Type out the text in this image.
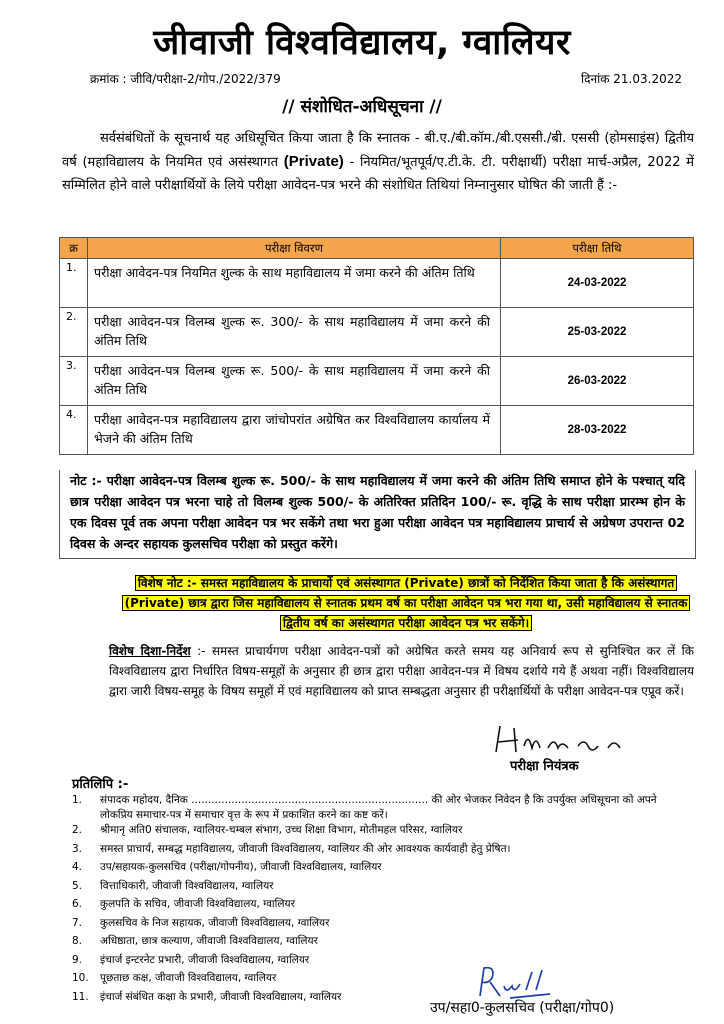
जीवाजी विश्वविद्यालय, ग्वालियर
क्रमांक : जीवि/परीक्षा-2/गोप./2022/379	दिनांक 21.03.2022
// संशोधित-अधिसूचना //
सर्वसंबंधितों के सूचनार्थ यह अधिसूचित किया जाता है कि स्नातक - बी.ए./बी.कॉम./बी.एससी./बी. एससी (होमसाइंस) द्वितीय वर्ष (महाविद्यालय के नियमित एवं असंस्थागत (Private) - नियमित/भूतपूर्व/ए.टी.के. टी. परीक्षार्थी) परीक्षा मार्च-अप्रैल, 2022 में सम्मिलित होने वाले परीक्षार्थियों के लिये परीक्षा आवेदन-पत्र भरने की संशोधित तिथियां निम्नानुसार घोषित की जाती हैं :-
क्र	परीक्षा विवरण	परीक्षा तिथि
1.	परीक्षा आवेदन-पत्र नियमित शुल्क के साथ महाविद्यालय में जमा करने की अंतिम तिथि	24-03-2022
2.	परीक्षा आवेदन-पत्र विलम्ब शुल्क रू. 300/- के साथ महाविद्यालय में जमा करने की अंतिम तिथि	25-03-2022
3.	परीक्षा आवेदन-पत्र विलम्ब शुल्क रू. 500/- के साथ महाविद्यालय में जमा करने की अंतिम तिथि	26-03-2022
4.	परीक्षा आवेदन-पत्र महाविद्यालय द्वारा जांचोपरांत अग्रेषित कर विश्वविद्यालय कार्यालय में भेजने की अंतिम तिथि	28-03-2022
नोट :- परीक्षा आवेदन-पत्र विलम्ब शुल्क रू. 500/- के साथ महाविद्यालय में जमा करने की अंतिम तिथि समाप्त होने के पश्चात् यदि छात्र परीक्षा आवेदन पत्र भरना चाहे तो विलम्ब शुल्क 500/- के अतिरिक्त प्रतिदिन 100/- रू. वृद्धि के साथ परीक्षा प्रारम्भ होन के एक दिवस पूर्व तक अपना परीक्षा आवेदन पत्र भर सकेंगे तथा भरा हुआ परीक्षा आवेदन पत्र महाविद्यालय प्राचार्य से अग्रेषण उपरान्त 02 दिवस के अन्दर सहायक कुलसचिव परीक्षा को प्रस्तुत करेंगे।
विशेष नोट :- समस्त महाविद्यालय के प्राचार्यो एवं असंस्थागत (Private) छात्रों को निर्देशित किया जाता है कि असंस्थागत (Private) छात्र द्वारा जिस महाविद्यालय से स्नातक प्रथम वर्ष का परीक्षा आवेदन पत्र भरा गया था, उसी महाविद्यालय से स्नातक द्वितीय वर्ष का असंस्थागत परीक्षा आवेदन पत्र भर सकेंगे।
विशेष दिशा-निर्देश :- समस्त प्राचार्यगण परीक्षा आवेदन-पत्रों को अग्रेषित करते समय यह अनिवार्य रूप से सुनिश्चित कर लें कि विश्वविद्यालय द्वारा निर्धारित विषय-समूहों के अनुसार ही छात्र द्वारा परीक्षा आवेदन-पत्र में विषय दर्शाये गये हैं अथवा नहीं। विश्वविद्यालय द्वारा जारी विषय-समूह के विषय समूहों में एवं महाविद्यालय को प्राप्त सम्बद्धता अनुसार ही परीक्षार्थियों के परीक्षा आवेदन-पत्र एप्रूव करें।
परीक्षा नियंत्रक
प्रतिलिपि :-
1.	संपादक महोदय, दैनिक ....................................................................... की ओर भेजकर निवेदन है कि उपर्युक्त अधिसूचना को अपने लोकप्रिय समाचार-पत्र में समाचार वृत्त के रूप में प्रकाशित करने का कष्ट करें।
2.	श्रीमानृ अति0 संचालक, ग्वालियर-चम्बल संभाग, उच्च शिक्षा विभाग, मोतीमहल परिसर, ग्वालियर
3.	समस्त प्राचार्य, सम्बद्ध महाविद्यालय, जीवाजी विश्वविद्यालय, ग्वालियर की ओर आवश्यक कार्यवाही हेतु प्रेषित।
4.	उप/सहायक-कुलसचिव (परीक्षा/गोपनीय), जीवाजी विश्वविद्यालय, ग्वालियर
5.	वित्ताधिकारी, जीवाजी विश्वविद्यालय, ग्वालियर
6.	कुलपति के सचिव, जीवाजी विश्वविद्यालय, ग्वालियर
7.	कुलसचिव के निज सहायक, जीवाजी विश्वविद्यालय, ग्वालियर
8.	अधिष्ठाता, छात्र कल्याण, जीवाजी विश्वविद्यालय, ग्वालियर
9.	इंचार्ज इन्टरनेट प्रभारी, जीवाजी विश्वविद्यालय, ग्वालियर
10.	पूछताछ कक्ष, जीवाजी विश्वविद्यालय, ग्वालियर
11.	इंचार्ज संबंधित कक्षा के प्रभारी, जीवाजी विश्वविद्यालय, ग्वालियर
उप/सहा0-कुलसचिव (परीक्षा/गोप0)
